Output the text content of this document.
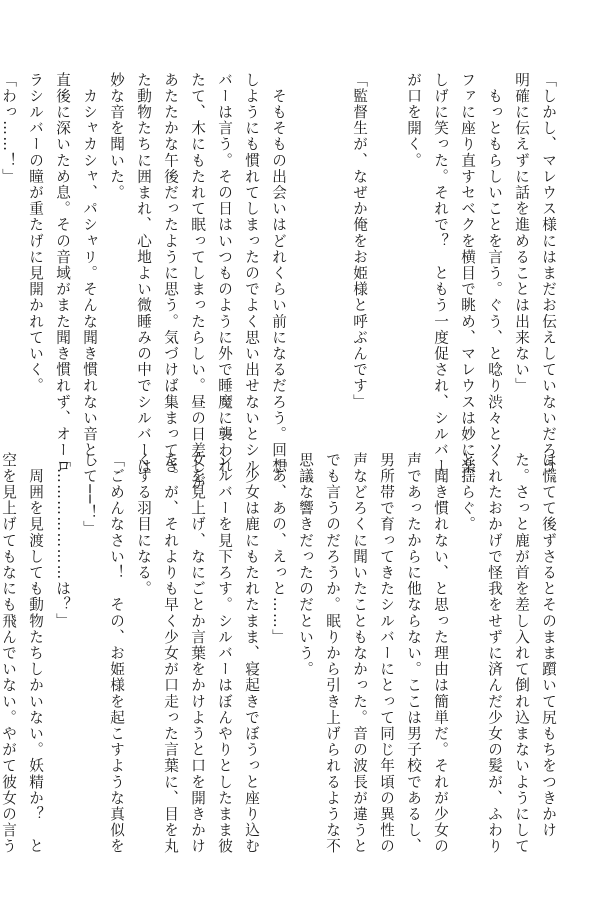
「しかし、マレウス様にはまだお伝えしていないだろう。

明確に伝えずに話を進めることは出来ない」

　もっともらしいことを言う。ぐう、と唸り渋々とソ

ファに座り直すセベクを横目で眺め、マレウスは妙に楽

しげに笑った。それで？　ともう一度促され、シルバー

が口を開く。

「監督生が、なぜか俺をお姫様と呼ぶんです」

　そもそもの出会いはどれくらい前になるだろう。回想

しようにも慣れてしまったのでよく思い出せないとシル

バーは言う。その日はいつものように外で睡魔に襲われ

たて、木にもたれて眠ってしまったらしい。昼の日差しが

あたたかな午後だったように思う。気づけば集まってき

た動物たちに囲まれ、心地よい微睡みの中でシルバーは

妙な音を聞いた。

　カシャカシャ、パシャリ。そんな聞き慣れない音と、

直後に深いため息。その音域がまた聞き慣れず、オーロ

ラシルバーの瞳が重たげに見開かれていく。

「わっ……！」

は慌てて後ずさるとそのまま躓いて尻もちをつきかけ

た。さっと鹿が首を差し入れて倒れ込まないようにして

くれたおかげで怪我をせずに済んだ少女の髪が、ふわり

と揺らぐ。

　聞き慣れない、と思った理由は簡単だ。それが少女の

声であったからに他ならない。ここは男子校であるし、

男所帯で育ってきたシルバーにとって同じ年頃の異性の

声などろくに聞いたこともなかった。音の波長が違うと

でも言うのだろうか。眠りから引き上げられるような不

思議な響きだったのだという。

「あ、あの、えっと……」

　少女は鹿にもたれたまま、寝起きでぼうっと座り込む

シルバーを見下ろす。シルバーはぼんやりとしたまま彼

女を見上げ、なにごとか言葉をかけようと口を開きかけ

た。が、それよりも早く少女が口走った言葉に、目を丸

くする羽目になる。

「ごめんなさい！　その、お姫様を起こすような真似を

して──！」

「…………………は？」

　周囲を見渡しても動物たちしかいない。妖精か？　と

空を見上げてもなにも飛んでいない。やがて彼女の言う
